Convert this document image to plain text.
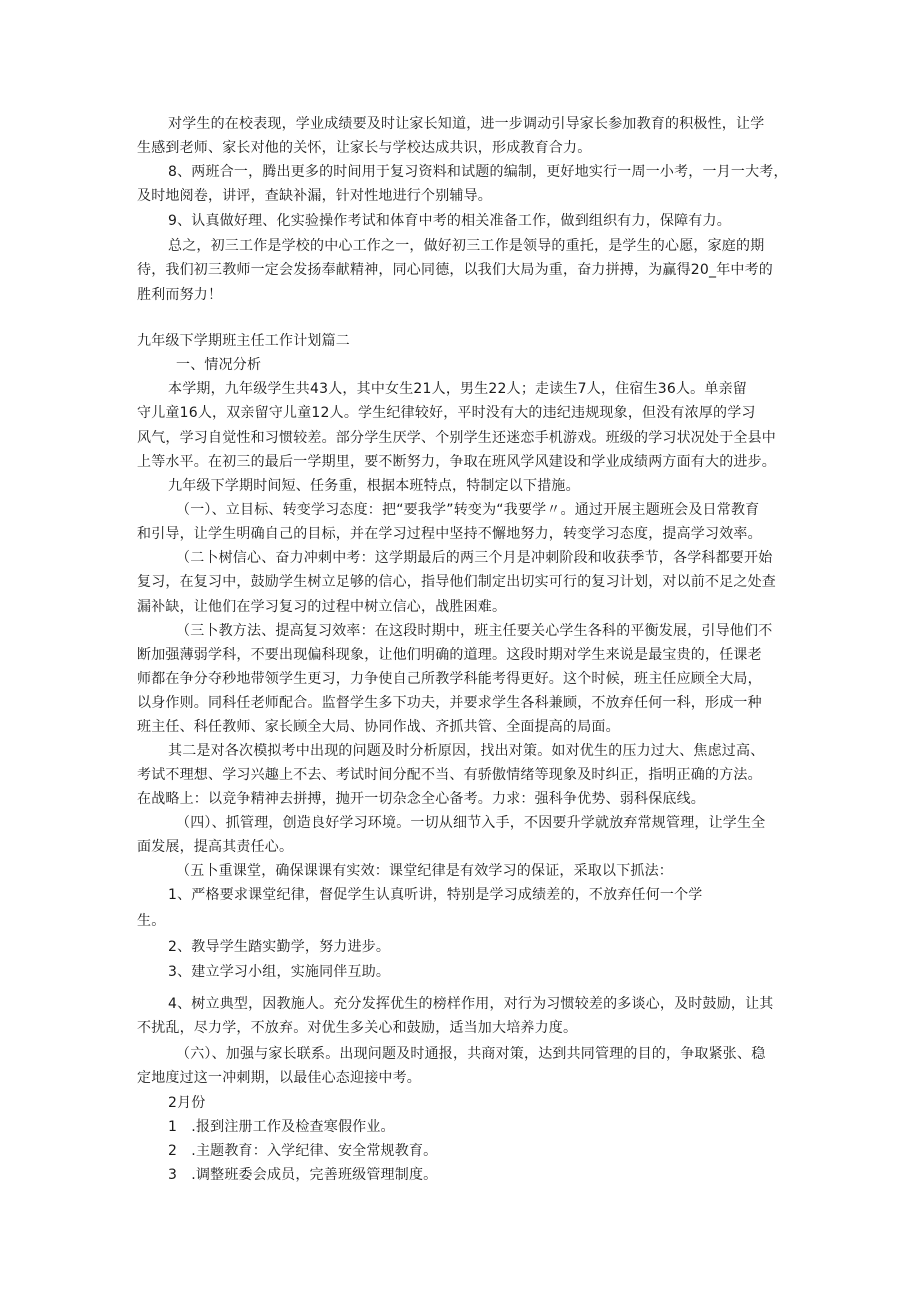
对学生的在校表现，学业成绩要及时让家长知道，进一步调动引导家长参加教育的积极性，让学
生感到老师、家长对他的关怀，让家长与学校达成共识，形成教育合力。
8、两班合一，腾出更多的时间用于复习资料和试题的编制，更好地实行一周一小考，一月一大考，
及时地阅卷，讲评，查缺补漏，针对性地进行个别辅导。
9、认真做好理、化实验操作考试和体育中考的相关准备工作，做到组织有力，保障有力。
总之，初三工作是学校的中心工作之一，做好初三工作是领导的重托，是学生的心愿，家庭的期
待，我们初三教师一定会发扬奉献精神，同心同德，以我们大局为重，奋力拼搏，为赢得20_年中考的
胜利而努力！
九年级下学期班主任工作计划篇二
一、情况分析
本学期，九年级学生共43人，其中女生21人，男生22人；走读生7人，住宿生36人。单亲留
守儿童16人，双亲留守儿童12人。学生纪律较好，平时没有大的违纪违规现象，但没有浓厚的学习
风气，学习自觉性和习惯较差。部分学生厌学、个别学生还迷恋手机游戏。班级的学习状况处于全县中
上等水平。在初三的最后一学期里，要不断努力，争取在班风学风建设和学业成绩两方面有大的进步。
九年级下学期时间短、任务重，根据本班特点，特制定以下措施。
（一）、立目标、转变学习态度：把“要我学”转变为“我要学〃。通过开展主题班会及日常教育
和引导，让学生明确自己的目标，并在学习过程中坚持不懈地努力，转变学习态度，提高学习效率。
（二卜树信心、奋力冲刺中考：这学期最后的两三个月是冲刺阶段和收获季节，各学科都要开始
复习，在复习中，鼓励学生树立足够的信心，指导他们制定出切实可行的复习计划，对以前不足之处查
漏补缺，让他们在学习复习的过程中树立信心，战胜困难。
（三卜教方法、提高复习效率：在这段时期中，班主任要关心学生各科的平衡发展，引导他们不
断加强薄弱学科，不要出现偏科现象，让他们明确的道理。这段时期对学生来说是最宝贵的，任课老
师都在争分夺秒地带领学生更习，力争使自己所教学科能考得更好。这个时候，班主任应顾全大局，
以身作则。同科任老师配合。监督学生多下功夫，并要求学生各科兼顾，不放弃任何一科，形成一种
班主任、科任教师、家长顾全大局、协同作战、齐抓共管、全面提高的局面。
其二是对各次模拟考中出现的问题及时分析原因，找出对策。如对优生的压力过大、焦虑过高、
考试不理想、学习兴趣上不去、考试时间分配不当、有骄傲情绪等现象及时纠正，指明正确的方法。
在战略上：以竞争精神去拼搏，抛开一切杂念全心备考。力求：强科争优势、弱科保底线。
（四）、抓管理，创造良好学习环境。一切从细节入手，不因要升学就放弃常规管理，让学生全
面发展，提高其责任心。
（五卜重课堂，确保课课有实效：课堂纪律是有效学习的保证，采取以下抓法：
1、严格要求课堂纪律，督促学生认真听讲，特别是学习成绩差的，不放弃任何一个学
生。
2、教导学生踏实勤学，努力进步。
3、建立学习小组，实施同伴互助。
4、树立典型，因教施人。充分发挥优生的榜样作用，对行为习惯较差的多谈心，及时鼓励，让其
不扰乱，尽力学，不放弃。对优生多关心和鼓励，适当加大培养力度。
（六）、加强与家长联系。出现问题及时通报，共商对策，达到共同管理的目的，争取紧张、稳
定地度过这一冲刺期，以最佳心态迎接中考。
2月份
1　.报到注册工作及检查寒假作业。
2　.主题教育：入学纪律、安全常规教育。
3　.调整班委会成员，完善班级管理制度。
